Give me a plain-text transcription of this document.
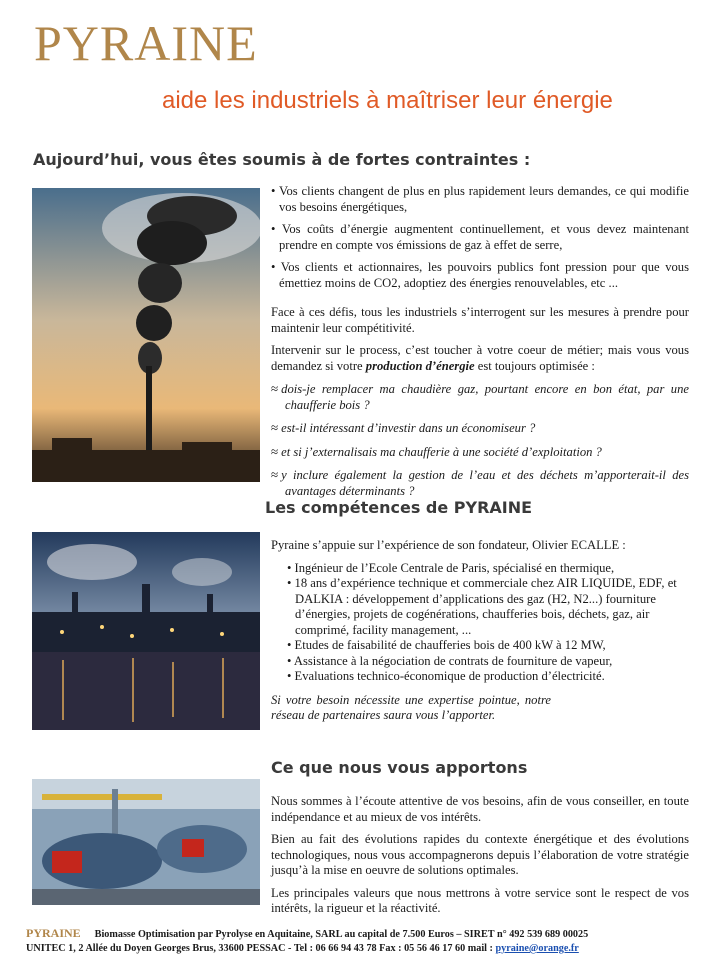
PYRAINE
aide les industriels à maîtriser leur énergie
Aujourd’hui, vous êtes soumis à de fortes contraintes :

• Vos clients changent de plus en plus rapidement leurs demandes, ce qui modifie vos besoins énergétiques,

• Vos coûts d’énergie augmentent continuellement, et vous devez maintenant prendre en compte vos émissions de gaz à effet de serre,

• Vos clients et actionnaires, les pouvoirs publics font pression pour que vous émettiez moins de CO2, adoptiez des énergies renouvelables, etc ...

Face à ces défis, tous les industriels s’interrogent sur les mesures à prendre pour maintenir leur compétitivité.

Intervenir sur le process, c’est toucher à votre coeur de métier; mais vous vous demandez si votre production d’énergie est toujours optimisée :

≈ dois-je remplacer ma chaudière gaz, pourtant encore en bon état, par une chaufferie bois ?

≈ est-il intéressant d’investir dans un économiseur ?

≈ et si j’externalisais ma chaufferie à une société d’exploitation ?

≈ y inclure également la gestion de l’eau et des déchets m’apporterait-il des avantages déterminants ?

Les compétences de PYRAINE

Pyraine s’appuie sur l’expérience de son fondateur, Olivier ECALLE :

• Ingénieur de l’Ecole Centrale de Paris, spécialisé en thermique,
• 18 ans d’expérience technique et commerciale chez AIR LIQUIDE, EDF, et DALKIA : développement d’applications des gaz (H2, N2...) fourniture d’énergies, projets de cogénérations, chaufferies bois, déchets, gaz, air comprimé, facility management, ...
• Etudes de faisabilité de chaufferies bois de 400 kW à 12 MW,
• Assistance à la négociation de contrats de fourniture de vapeur,
• Evaluations technico-économique de production d’électricité.

Si votre besoin nécessite une expertise pointue, notre réseau de partenaires saura vous l’apporter.

Ce que nous vous apportons

Nous sommes à l’écoute attentive de vos besoins, afin de vous conseiller, en toute indépendance et au mieux de vos intérêts.

Bien au fait des évolutions rapides du contexte énergétique et des évolutions technologiques, nous vous accompagnerons depuis l’élaboration de votre stratégie jusqu’à la mise en oeuvre de solutions optimales.

Les principales valeurs que nous mettrons à votre service sont le respect de vos intérêts, la rigueur et la réactivité.

PYRAINE Biomasse Optimisation par Pyrolyse en Aquitaine, SARL au capital de 7.500 Euros – SIRET n° 492 539 689 00025
UNITEC 1, 2 Allée du Doyen Georges Brus, 33600 PESSAC - Tel : 06 66 94 43 78 Fax : 05 56 46 17 60 mail : pyraine@orange.fr
